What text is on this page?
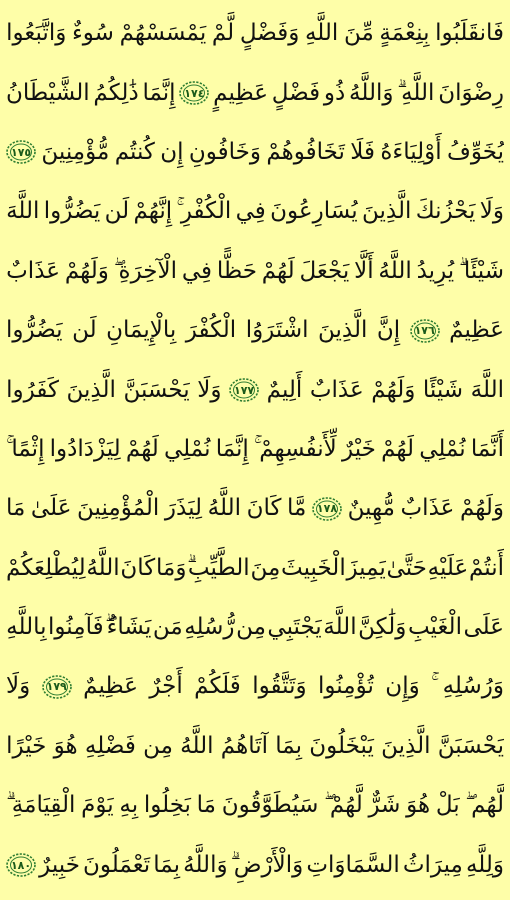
فَانقَلَبُوا
بِنِعْمَةٍ
مِّنَ
اللَّهِ
وَفَضْلٍ
لَّمْ
يَمْسَسْهُمْ
سُوءٌ
وَاتَّبَعُوا
رِضْوَانَ
اللَّهِ
وَاللَّهُ
ذُو
فَضْلٍ
عَظِيمٍ
١٧٤
إِنَّمَا
ذَٰلِكُمُ
الشَّيْطَانُ
يُخَوِّفُ
أَوْلِيَاءَهُ
فَلَا
تَخَافُوهُمْ
وَخَافُونِ
إِن
كُنتُم
مُّؤْمِنِينَ
١٧٥
وَلَا
يَحْزُنكَ
الَّذِينَ
يُسَارِعُونَ
فِي
الْكُفْرِ
إِنَّهُمْ
لَن
يَضُرُّوا
اللَّهَ
شَيْئًا
يُرِيدُ
اللَّهُ
أَلَّا
يَجْعَلَ
لَهُمْ
حَظًّا
فِي
الْآخِرَةِ
وَلَهُمْ
عَذَابٌ
عَظِيمٌ
١٧٦
إِنَّ
الَّذِينَ
اشْتَرَوُا
الْكُفْرَ
بِالْإِيمَانِ
لَن
يَضُرُّوا
اللَّهَ
شَيْئًا
وَلَهُمْ
عَذَابٌ
أَلِيمٌ
١٧٧
وَلَا
يَحْسَبَنَّ
الَّذِينَ
كَفَرُوا
أَنَّمَا
نُمْلِي
لَهُمْ
خَيْرٌ
لِّأَنفُسِهِمْ
إِنَّمَا
نُمْلِي
لَهُمْ
لِيَزْدَادُوا
إِثْمًا
وَلَهُمْ
عَذَابٌ
مُّهِينٌ
١٧٨
مَّا
كَانَ
اللَّهُ
لِيَذَرَ
الْمُؤْمِنِينَ
عَلَىٰ
مَا
أَنتُمْ
عَلَيْهِ
حَتَّىٰ
يَمِيزَ
الْخَبِيثَ
مِنَ
الطَّيِّبِ
وَمَا
كَانَ
اللَّهُ
لِيُطْلِعَكُمْ
عَلَى
الْغَيْبِ
وَلَٰكِنَّ
اللَّهَ
يَجْتَبِي
مِن
رُّسُلِهِ
مَن
يَشَاءُ
فَآمِنُوا
بِاللَّهِ
وَرُسُلِهِ
وَإِن
تُؤْمِنُوا
وَتَتَّقُوا
فَلَكُمْ
أَجْرٌ
عَظِيمٌ
١٧٩
وَلَا
يَحْسَبَنَّ
الَّذِينَ
يَبْخَلُونَ
بِمَا
آتَاهُمُ
اللَّهُ
مِن
فَضْلِهِ
هُوَ
خَيْرًا
لَّهُم
بَلْ
هُوَ
شَرٌّ
لَّهُمْ
سَيُطَوَّقُونَ
مَا
بَخِلُوا
بِهِ
يَوْمَ
الْقِيَامَةِ
وَلِلَّهِ
مِيرَاثُ
السَّمَاوَاتِ
وَالْأَرْضِ
وَاللَّهُ
بِمَا
تَعْمَلُونَ
خَبِيرٌ
١٨٠
